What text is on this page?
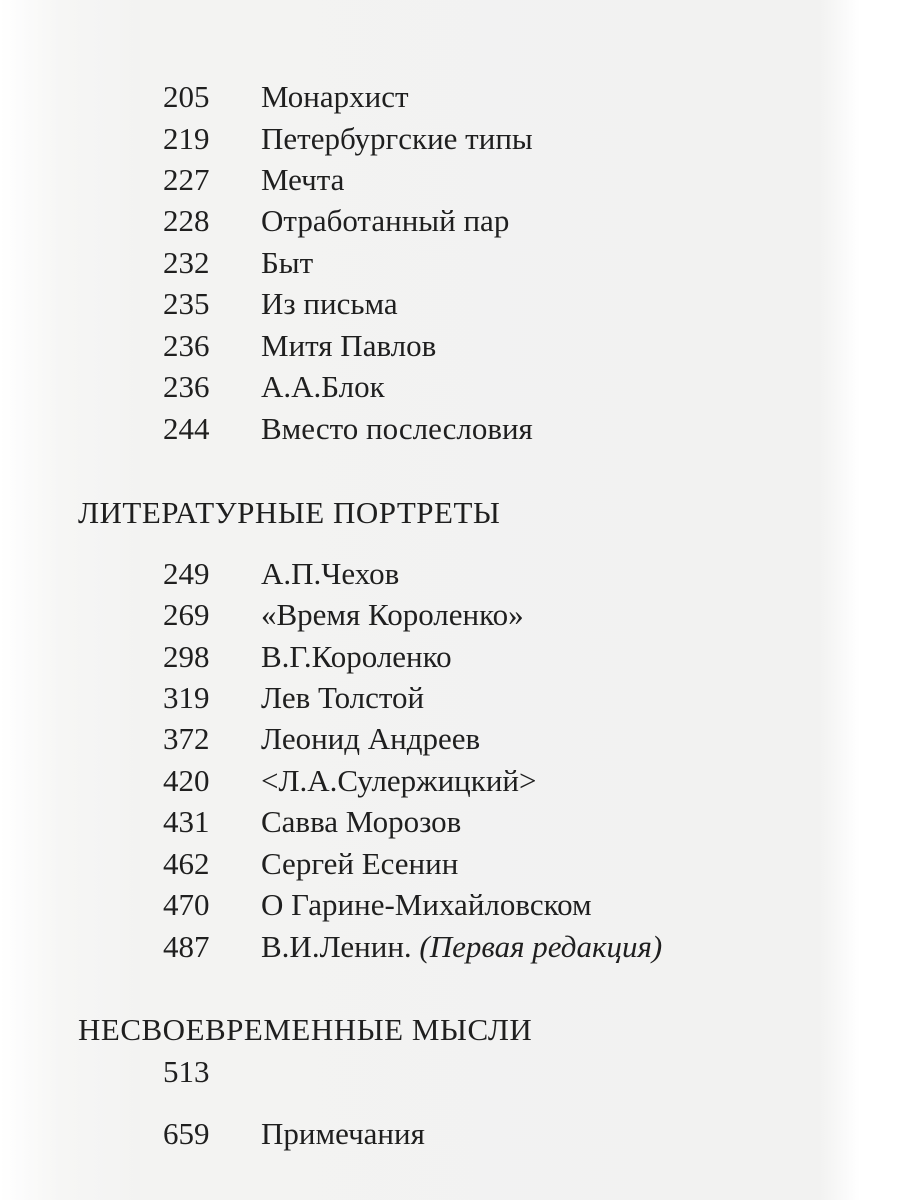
205	Монархист
219	Петербургские типы
227	Мечта
228	Отработанный пар
232	Быт
235	Из письма
236	Митя Павлов
236	А.А.Блок
244	Вместо послесловия
ЛИТЕРАТУРНЫЕ ПОРТРЕТЫ
249	А.П.Чехов
269	«Время Короленко»
298	В.Г.Короленко
319	Лев Толстой
372	Леонид Андреев
420	<Л.А.Сулержицкий>
431	Савва Морозов
462	Сергей Есенин
470	О Гарине-Михайловском
487	В.И.Ленин. (Первая редакция)
НЕСВОЕВРЕМЕННЫЕ МЫСЛИ
513
659	Примечания
